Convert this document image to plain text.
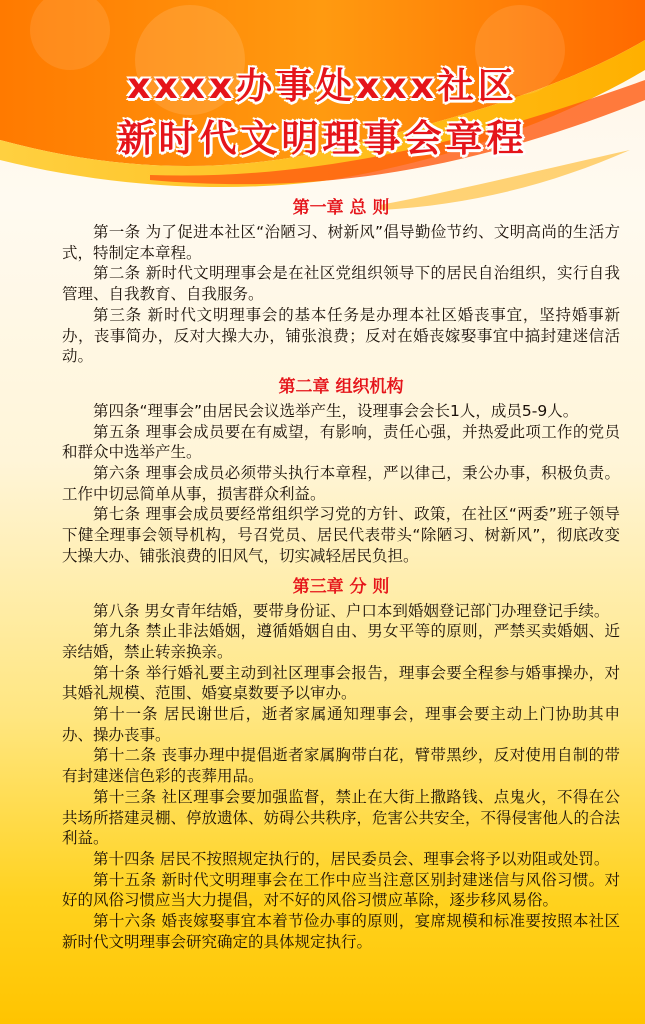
xxxx办事处xxx社区
新时代文明理事会章程
第一章 总 则

第一条 为了促进本社区“治陋习、树新风”倡导勤俭节约、文明高尚的生活方式，特制定本章程。

第二条 新时代文明理事会是在社区党组织领导下的居民自治组织，实行自我管理、自我教育、自我服务。

第三条 新时代文明理事会的基本任务是办理本社区婚丧事宜，坚持婚事新办，丧事简办，反对大操大办，铺张浪费；反对在婚丧嫁娶事宜中搞封建迷信活动。

第二章 组织机构

第四条“理事会”由居民会议选举产生，设理事会会长1人，成员5-9人。

第五条 理事会成员要在有威望，有影响，责任心强，并热爱此项工作的党员和群众中选举产生。

第六条 理事会成员必须带头执行本章程，严以律己，秉公办事，积极负责。工作中切忌简单从事，损害群众利益。

第七条 理事会成员要经常组织学习党的方针、政策，在社区“两委”班子领导下健全理事会领导机构，号召党员、居民代表带头“除陋习、树新风”，彻底改变大操大办、铺张浪费的旧风气，切实减轻居民负担。

第三章 分 则

第八条 男女青年结婚，要带身份证、户口本到婚姻登记部门办理登记手续。

第九条 禁止非法婚姻，遵循婚姻自由、男女平等的原则，严禁买卖婚姻、近亲结婚，禁止转亲换亲。

第十条 举行婚礼要主动到社区理事会报告，理事会要全程参与婚事操办，对其婚礼规模、范围、婚宴桌数要予以审办。

第十一条 居民谢世后，逝者家属通知理事会，理事会要主动上门协助其申办、操办丧事。

第十二条 丧事办理中提倡逝者家属胸带白花，臂带黑纱，反对使用自制的带有封建迷信色彩的丧葬用品。

第十三条 社区理事会要加强监督，禁止在大街上撒路钱、点鬼火，不得在公共场所搭建灵棚、停放遗体、妨碍公共秩序，危害公共安全，不得侵害他人的合法利益。

第十四条 居民不按照规定执行的，居民委员会、理事会将予以劝阻或处罚。

第十五条 新时代文明理事会在工作中应当注意区别封建迷信与风俗习惯。对好的风俗习惯应当大力提倡，对不好的风俗习惯应革除，逐步移风易俗。

第十六条 婚丧嫁娶事宜本着节俭办事的原则，宴席规模和标准要按照本社区新时代文明理事会研究确定的具体规定执行。
